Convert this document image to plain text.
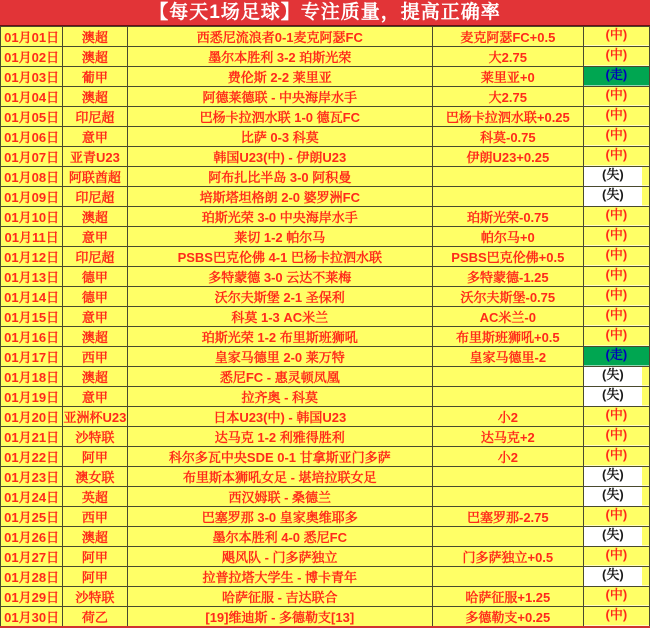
【每天1场足球】专注质量，提高正确率
01月01日	澳超	西悉尼流浪者0-1麦克阿瑟FC	麦克阿瑟FC+0.5	(中)

01月02日	澳超	墨尔本胜利 3-2 珀斯光荣	大2.75	(中)

01月03日	葡甲	费伦斯 2-2 莱里亚	莱里亚+0	(走)

01月04日	澳超	阿德莱德联 - 中央海岸水手	大2.75	(中)

01月05日	印尼超	巴杨卡拉泗水联 1-0 德瓦FC	巴杨卡拉泗水联+0.25	(中)

01月06日	意甲	比萨 0-3 科莫	科莫-0.75	(中)

01月07日	亚青U23	韩国U23(中) - 伊朗U23	伊朗U23+0.25	(中)

01月08日	阿联酋超	阿布扎比半岛 3-0 阿积曼		(失)

01月09日	印尼超	培斯塔坦格朗 2-0 婆罗洲FC		(失)

01月10日	澳超	珀斯光荣 3-0 中央海岸水手	珀斯光荣-0.75	(中)

01月11日	意甲	莱切 1-2 帕尔马	帕尔马+0	(中)

01月12日	印尼超	PSBS巴克伦佛 4-1 巴杨卡拉泗水联	PSBS巴克伦佛+0.5	(中)

01月13日	德甲	多特蒙德 3-0 云达不莱梅	多特蒙德-1.25	(中)

01月14日	德甲	沃尔夫斯堡 2-1 圣保利	沃尔夫斯堡-0.75	(中)

01月15日	意甲	科莫 1-3 AC米兰	AC米兰-0	(中)

01月16日	澳超	珀斯光荣 1-2 布里斯班狮吼	布里斯班狮吼+0.5	(中)

01月17日	西甲	皇家马德里 2-0 莱万特	皇家马德里-2	(走)

01月18日	澳超	悉尼FC - 惠灵顿凤凰		(失)

01月19日	意甲	拉齐奥 - 科莫		(失)

01月20日	亚洲杯U23	日本U23(中) - 韩国U23	小2	(中)

01月21日	沙特联	达马克 1-2 利雅得胜利	达马克+2	(中)

01月22日	阿甲	科尔多瓦中央SDE 0-1 甘拿斯亚门多萨	小2	(中)

01月23日	澳女联	布里斯本狮吼女足 - 堪培拉联女足		(失)

01月24日	英超	西汉姆联 - 桑德兰		(失)

01月25日	西甲	巴塞罗那 3-0 皇家奥维耶多	巴塞罗那-2.75	(中)

01月26日	澳超	墨尔本胜利 4-0 悉尼FC		(失)

01月27日	阿甲	飓风队 - 门多萨独立	门多萨独立+0.5	(中)

01月28日	阿甲	拉普拉塔大学生 - 博卡青年		(失)

01月29日	沙特联	哈萨征服 - 吉达联合	哈萨征服+1.25	(中)

01月30日	荷乙	[19]维迪斯 - 多德勒支[13]	多德勒支+0.25	(中)
